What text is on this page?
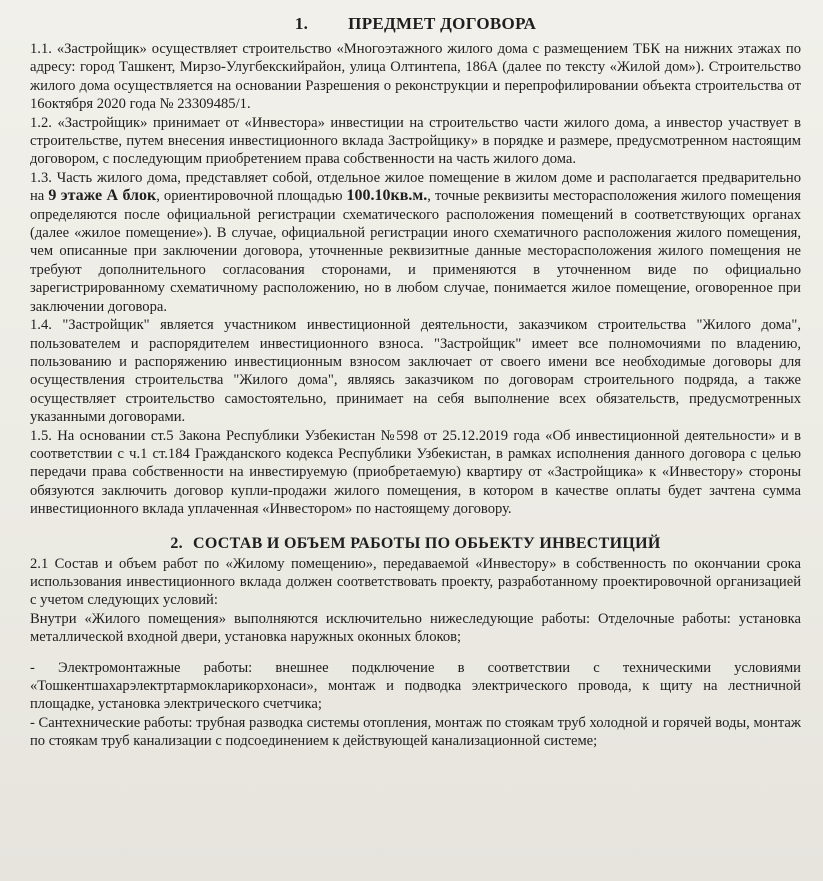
1. ПРЕДМЕТ ДОГОВОРА

1.1. «Застройщик» осуществляет строительство «Многоэтажного жилого дома с размещением ТБК на нижних этажах по адресу: город Ташкент, Мирзо-Улугбекскийрайон, улица Олтинтепа, 186А (далее по тексту «Жилой дом»). Строительство жилого дома осуществляется на основании Разрешения о реконструкции и перепрофилировании объекта строительства от 16октября 2020 года № 23309485/1.

1.2. «Застройщик» принимает от «Инвестора» инвестиции на строительство части жилого дома, а инвестор участвует в строительстве, путем внесения инвестиционного вклада Застройщику» в порядке и размере, предусмотренном настоящим договором, с последующим приобретением права собственности на часть жилого дома.

1.3. Часть жилого дома, представляет собой, отдельное жилое помещение в жилом доме и располагается предварительно на 9 этаже А блок, ориентировочной площадью 100.10кв.м., точные реквизиты месторасположения жилого помещения определяются после официальной регистрации схематического расположения помещений в соответствующих органах (далее «жилое помещение»). В случае, официальной регистрации иного схематичного расположения жилого помещения, чем описанные при заключении договора, уточненные реквизитные данные месторасположения жилого помещения не требуют дополнительного согласования сторонами, и применяются в уточненном виде по официально зарегистрированному схематичному расположению, но в любом случае, понимается жилое помещение, оговоренное при заключении договора.

1.4. "Застройщик" является участником инвестиционной деятельности, заказчиком строительства "Жилого дома", пользователем и распорядителем инвестиционного взноса. "Застройщик" имеет все полномочиями по владению, пользованию и распоряжению инвестиционным взносом заключает от своего имени все необходимые договоры для осуществления строительства "Жилого дома", являясь заказчиком по договорам строительного подряда, а также осуществляет строительство самостоятельно, принимает на себя выполнение всех обязательств, предусмотренных указанными договорами.

1.5. На основании ст.5 Закона Республики Узбекистан №598 от 25.12.2019 года «Об инвестиционной деятельности» и в соответствии с ч.1 ст.184 Гражданского кодекса Республики Узбекистан, в рамках исполнения данного договора с целью передачи права собственности на инвестируемую (приобретаемую) квартиру от «Застройщика» к «Инвестору» стороны обязуются заключить договор купли-продажи жилого помещения, в котором в качестве оплаты будет зачтена сумма инвестиционного вклада уплаченная «Инвестором» по настоящему договору.

2. СОСТАВ И ОБЪЕМ РАБОТЫ ПО ОБЬЕКТУ ИНВЕСТИЦИЙ

2.1 Состав и объем работ по «Жилому помещению», передаваемой «Инвестору» в собственность по окончании срока использования инвестиционного вклада должен соответствовать проекту, разработанному проектировочной организацией с учетом следующих условий:

Внутри «Жилого помещения» выполняются исключительно нижеследующие работы: Отделочные работы: установка металлической входной двери, установка наружных оконных блоков;

- Электромонтажные работы: внешнее подключение в соответствии с техническими условиями «Тошкентшахарэлектртармокларикорхонаси», монтаж и подводка электрического провода, к щиту на лестничной площадке, установка электрического счетчика;

- Сантехнические работы: трубная разводка системы отопления, монтаж по стоякам труб холодной и горячей воды, монтаж по стоякам труб канализации с подсоединением к действующей канализационной системе;
